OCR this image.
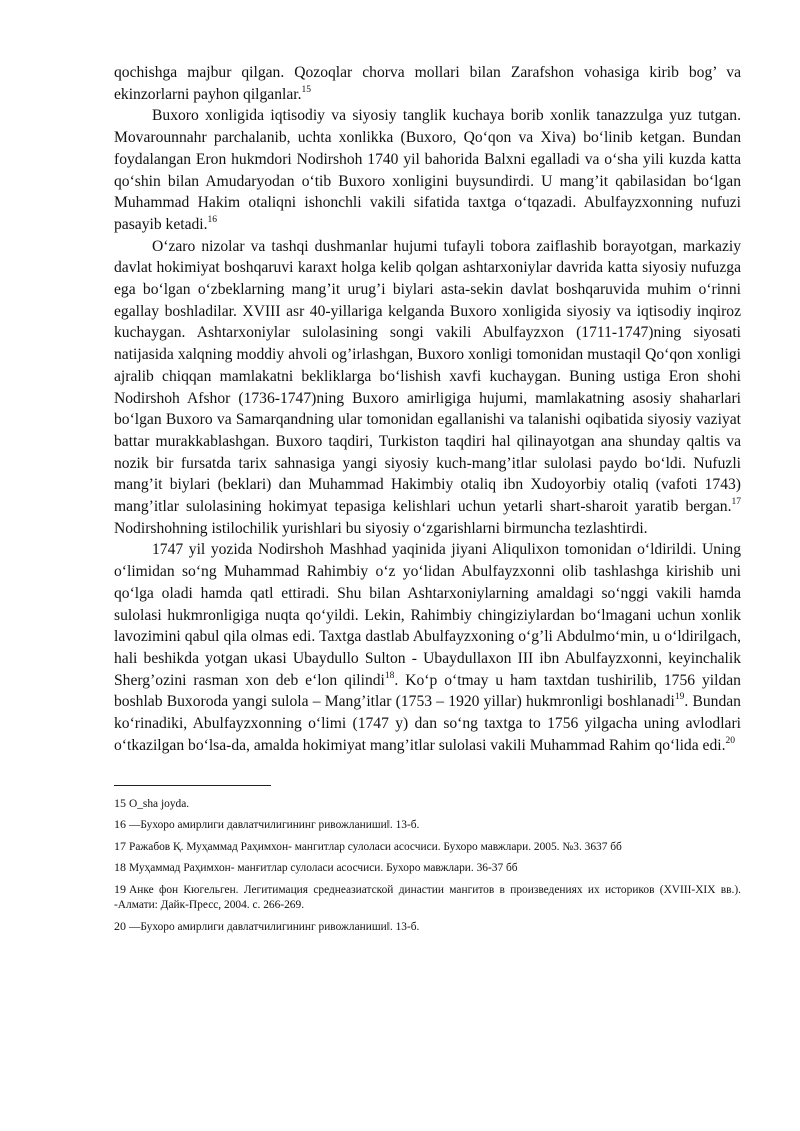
qochishga majbur qilgan. Qozoqlar chorva mollari bilan Zarafshon vohasiga kirib bog’ va ekinzorlarni payhon qilganlar.$^{15}$

Buxoro xonligida iqtisodiy va siyosiy tanglik kuchaya borib xonlik tanazzulga yuz tutgan. Movarounnahr parchalanib, uchta xonlikka (Buxoro, Qo‘qon va Xiva) bo‘linib ketgan. Bundan foydalangan Eron hukmdori Nodirshoh 1740 yil bahorida Balxni egalladi va o‘sha yili kuzda katta qo‘shin bilan Amudaryodan o‘tib Buxoro xonligini buysundirdi. U mang’it qabilasidan bo‘lgan Muhammad Hakim otaliqni ishonchli vakili sifatida taxtga o‘tqazadi. Abulfayzxonning nufuzi pasayib ketadi.$^{16}$

O‘zaro nizolar va tashqi dushmanlar hujumi tufayli tobora zaiflashib borayotgan, markaziy davlat hokimiyat boshqaruvi karaxt holga kelib qolgan ashtarxoniylar davrida katta siyosiy nufuzga ega bo‘lgan o‘zbeklarning mang’it urug’i biylari asta-sekin davlat boshqaruvida muhim o‘rinni egallay boshladilar. XVIII asr 40-yillariga kelganda Buxoro xonligida siyosiy va iqtisodiy inqiroz kuchaygan. Ashtarxoniylar sulolasining songi vakili Abulfayzxon (1711-1747)ning siyosati natijasida xalqning moddiy ahvoli og’irlashgan, Buxoro xonligi tomonidan mustaqil Qo‘qon xonligi ajralib chiqqan mamlakatni bekliklarga bo‘lishish xavfi kuchaygan. Buning ustiga Eron shohi Nodirshoh Afshor (1736-1747)ning Buxoro amirligiga hujumi, mamlakatning asosiy shaharlari bo‘lgan Buxoro va Samarqandning ular tomonidan egallanishi va talanishi oqibatida siyosiy vaziyat battar murakkablashgan. Buxoro taqdiri, Turkiston taqdiri hal qilinayotgan ana shunday qaltis va nozik bir fursatda tarix sahnasiga yangi siyosiy kuch-mang’itlar sulolasi paydo bo‘ldi. Nufuzli mang’it biylari (beklari) dan Muhammad Hakimbiy otaliq ibn Xudoyorbiy otaliq (vafoti 1743) mang’itlar sulolasining hokimyat tepasiga kelishlari uchun yetarli shart-sharoit yaratib bergan.$^{17}$ Nodirshohning istilochilik yurishlari bu siyosiy o‘zgarishlarni birmuncha tezlashtirdi.

1747 yil yozida Nodirshoh Mashhad yaqinida jiyani Aliqulixon tomonidan o‘ldirildi. Uning o‘limidan so‘ng Muhammad Rahimbiy o‘z yo‘lidan Abulfayzxonni olib tashlashga kirishib uni qo‘lga oladi hamda qatl ettiradi. Shu bilan Ashtarxoniylarning amaldagi so‘nggi vakili hamda sulolasi hukmronligiga nuqta qo‘yildi. Lekin, Rahimbiy chingiziylardan bo‘lmagani uchun xonlik lavozimini qabul qila olmas edi. Taxtga dastlab Abulfayzxoning o‘g’li Abdulmo‘min, u o‘ldirilgach, hali beshikda yotgan ukasi Ubaydullo Sulton - Ubaydullaxon III ibn Abulfayzxonni, keyinchalik Sherg’ozini rasman xon deb e‘lon qilindi$^{18}$. Ko‘p o‘tmay u ham taxtdan tushirilib, 1756 yildan boshlab Buxoroda yangi sulola – Mang’itlar (1753 – 1920 yillar) hukmronligi boshlanadi$^{19}$. Bundan ko‘rinadiki, Abulfayzxonning o‘limi (1747 y) dan so‘ng taxtga to 1756 yilgacha uning avlodlari o‘tkazilgan bo‘lsa-da, amalda hokimiyat mang’itlar sulolasi vakili Muhammad Rahim qo‘lida edi.$^{20}$

15 O_sha joyda.

16 ―Бухоро амирлиги давлатчилигининг ривожланиши‖. 13-б.

17 Ражабов Қ. Муҳаммад Раҳимхон- мангитлар сулоласи асосчиси. Бухоро мавжлари. 2005. №3. 3637 бб

18 Муҳаммад Раҳимхон- манғитлар сулоласи асосчиси. Бухоро мавжлари. 36-37 бб

19 Анке фон Кюгельген. Легитимация среднеазиатской династии мангитов в произведениях их историков (XVIII-XIX вв.). -Алмати: Дайк-Пресс, 2004. с. 266-269.

20 ―Бухоро амирлиги давлатчилигининг ривожланиши‖. 13-б.
